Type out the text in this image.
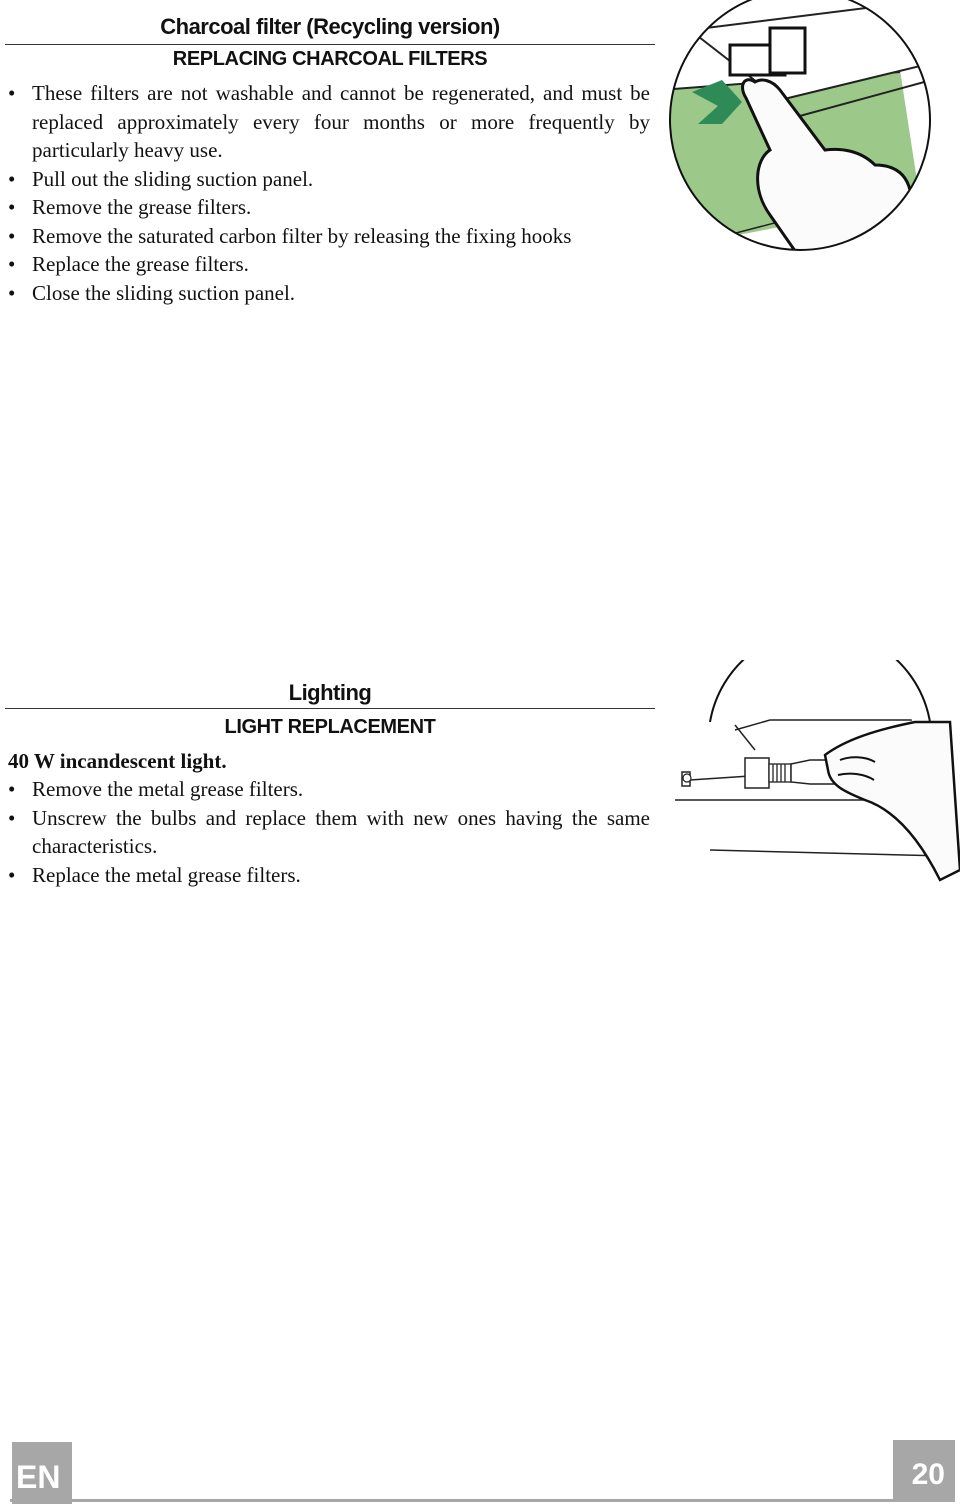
Charcoal filter (Recycling version)
REPLACING CHARCOAL FILTERS
• These filters are not washable and cannot be regenerated, and must be replaced approximately every four months or more frequently by particularly heavy use.
• Pull out the sliding suction panel.
• Remove the grease filters.
• Remove the saturated carbon filter by releasing the fixing hooks
• Replace the grease filters.
• Close the sliding suction panel.
Lighting
LIGHT REPLACEMENT
40 W incandescent light.
• Remove the metal grease filters.
• Unscrew the bulbs and replace them with new ones having the same characteristics.
• Replace the metal grease filters.
EN	20
